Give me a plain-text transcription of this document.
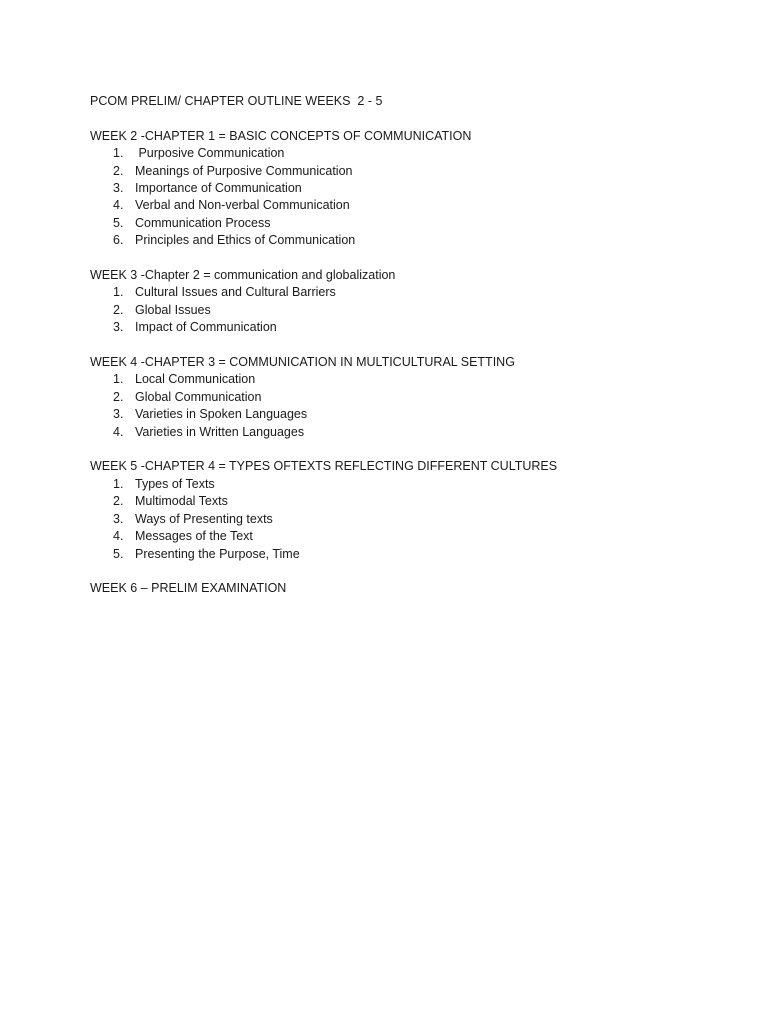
PCOM PRELIM/ CHAPTER OUTLINE WEEKS  2 - 5

WEEK 2 -CHAPTER 1 = BASIC CONCEPTS OF COMMUNICATION

1. Purposive Communication
2. Meanings of Purposive Communication
3. Importance of Communication
4. Verbal and Non-verbal Communication
5. Communication Process
6. Principles and Ethics of Communication

WEEK 3 -Chapter 2 = communication and globalization

1. Cultural Issues and Cultural Barriers
2. Global Issues
3. Impact of Communication

WEEK 4 -CHAPTER 3 = COMMUNICATION IN MULTICULTURAL SETTING

1. Local Communication
2. Global Communication
3. Varieties in Spoken Languages
4. Varieties in Written Languages

WEEK 5 -CHAPTER 4 = TYPES OFTEXTS REFLECTING DIFFERENT CULTURES

1. Types of Texts
2. Multimodal Texts
3. Ways of Presenting texts
4. Messages of the Text
5. Presenting the Purpose, Time

WEEK 6 – PRELIM EXAMINATION
